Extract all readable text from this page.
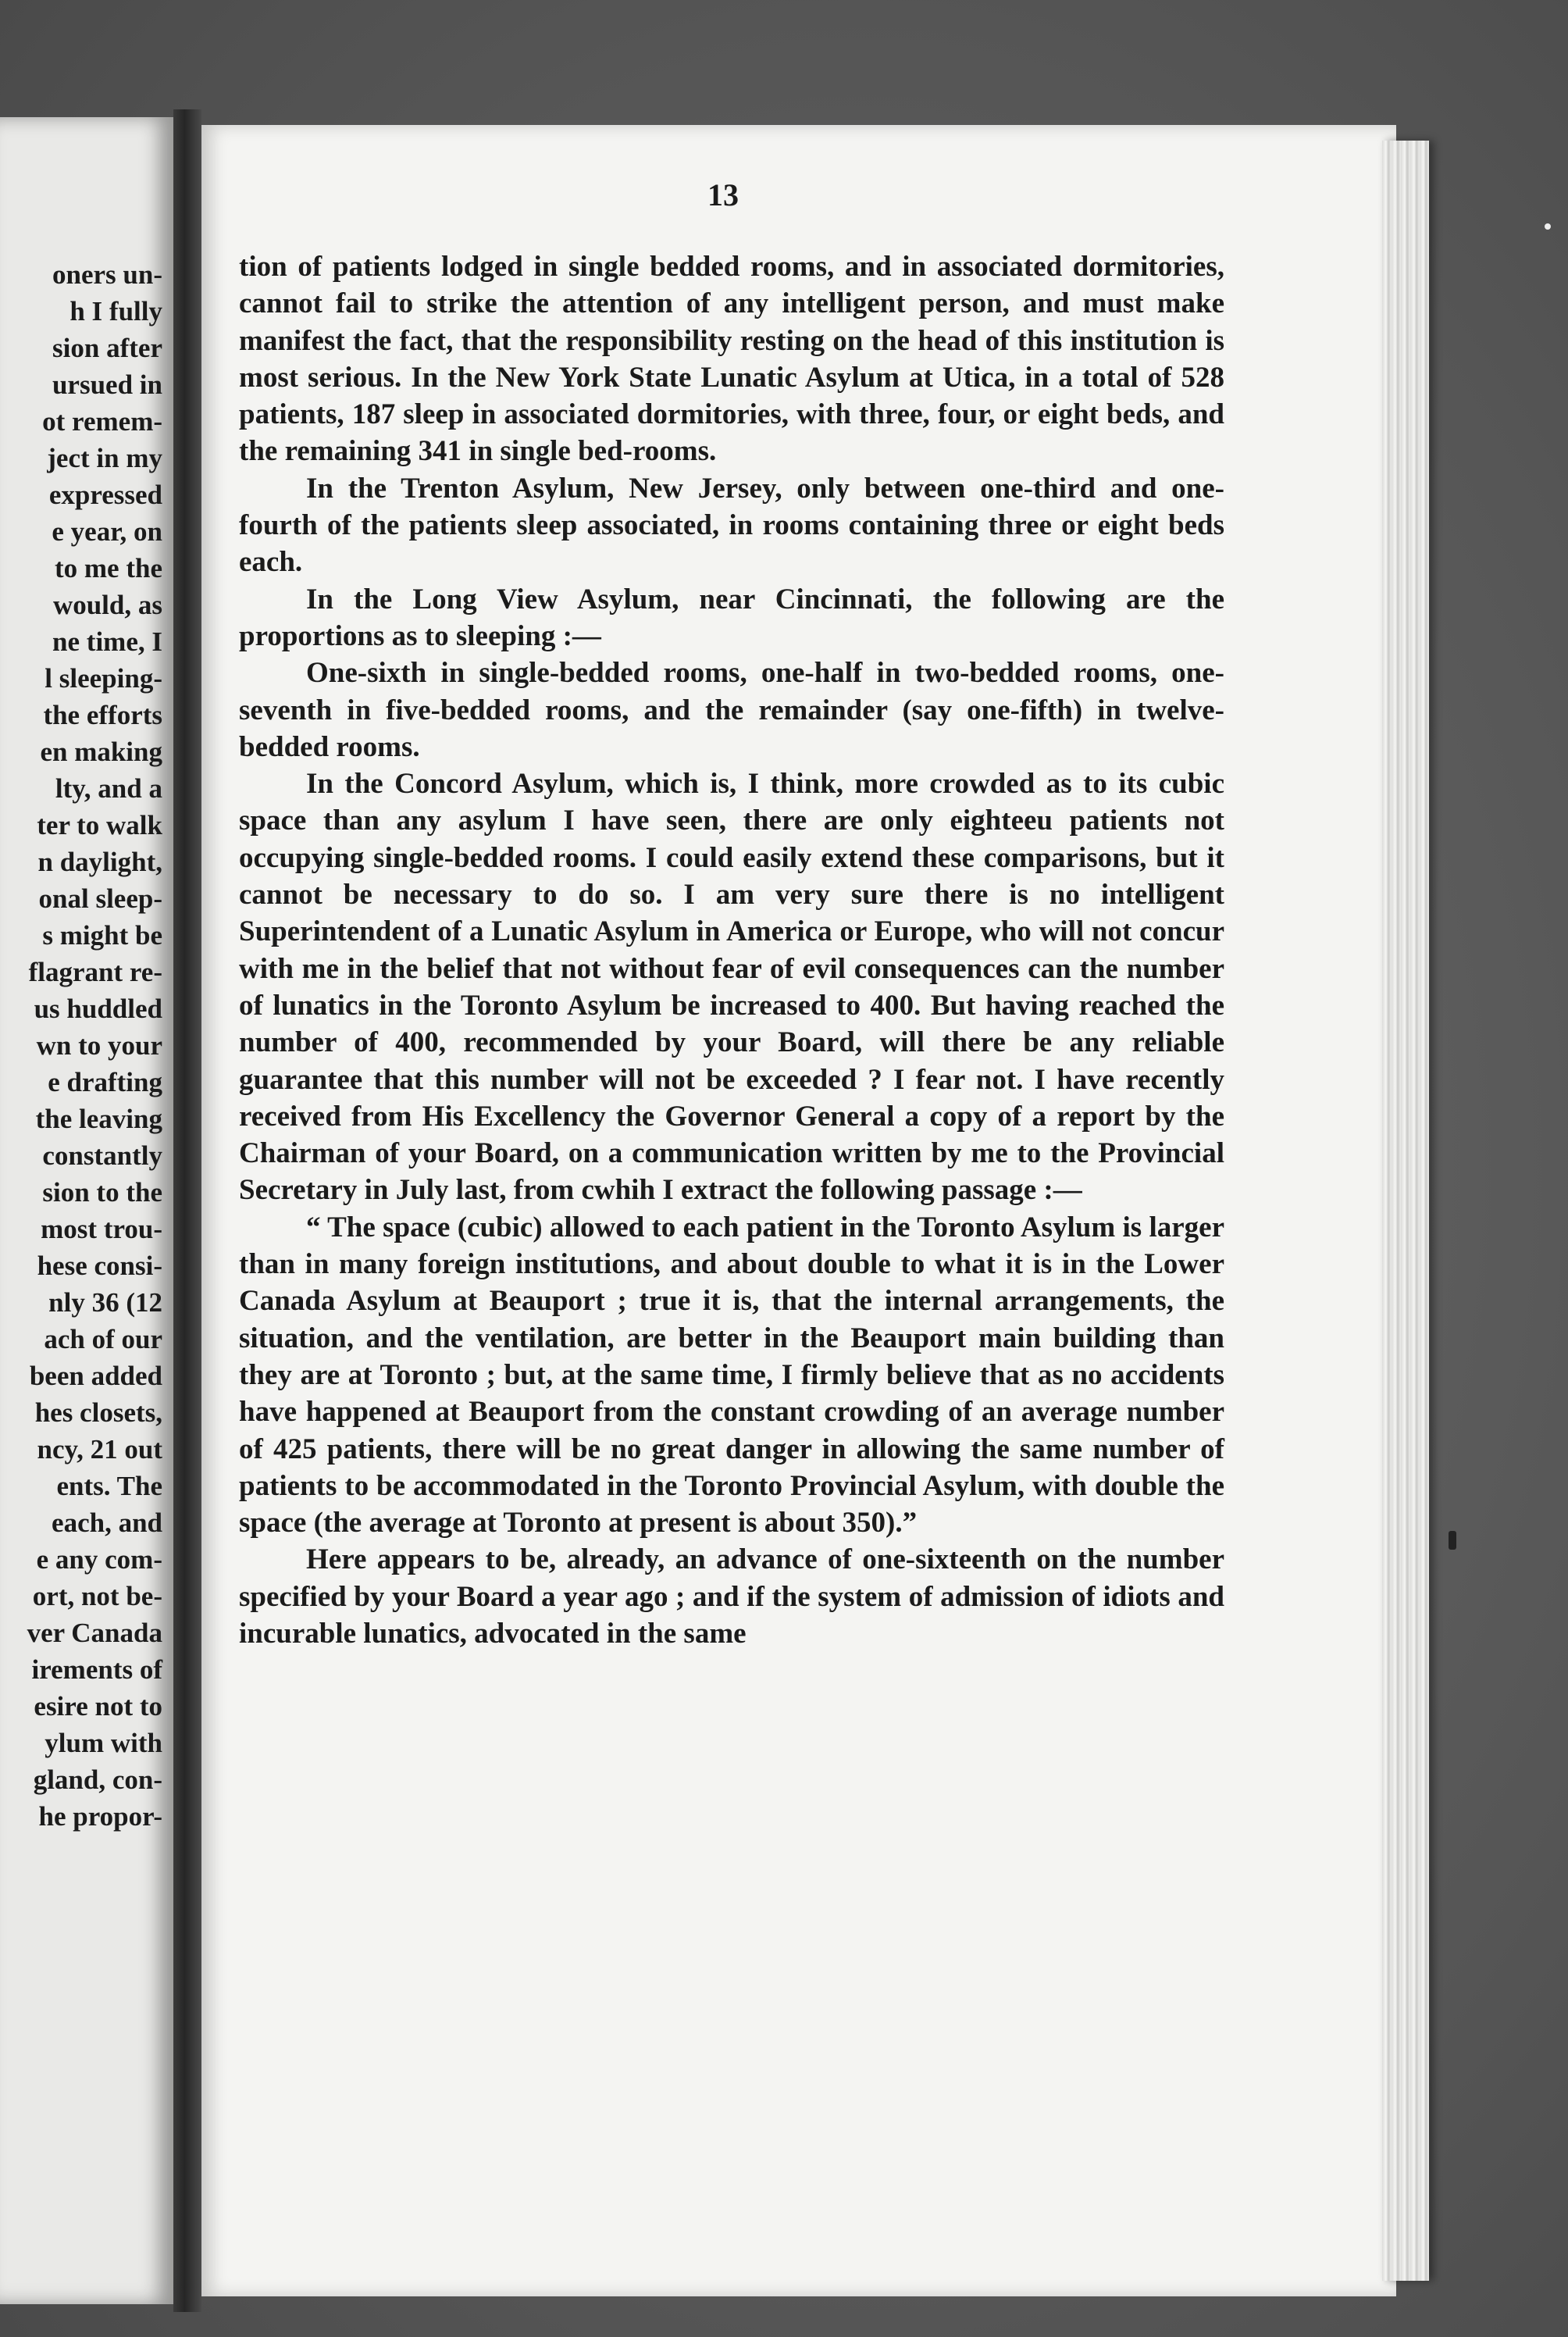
oners un-
h I fully
sion after
ursued in
ot remem-
ject in my
expressed
e year, on
to me the
would, as
ne time, I
l sleeping-
the efforts
en making
lty, and a
ter to walk
n daylight,
onal sleep-
s might be
flagrant re-
us huddled
wn to your
e drafting
the leaving
constantly
sion to the
most trou-
hese consi-
nly 36 (12
ach of our
been added
hes closets,
ncy, 21 out
ents. The
each, and
e any com-
ort, not be-
ver Canada
irements of
esire not to
ylum with
gland, con-
he propor-
13

tion of patients lodged in single bedded rooms, and in associated dormitories, cannot fail to strike the attention of any intelligent person, and must make manifest the fact, that the responsibility resting on the head of this institution is most serious. In the New York State Lunatic Asylum at Utica, in a total of 528 patients, 187 sleep in associated dormitories, with three, four, or eight beds, and the remaining 341 in single bed-rooms.

In the Trenton Asylum, New Jersey, only between one-third and one-fourth of the patients sleep associated, in rooms containing three or eight beds each.

In the Long View Asylum, near Cincinnati, the following are the proportions as to sleeping :—

One-sixth in single-bedded rooms, one-half in two-bedded rooms, one-seventh in five-bedded rooms, and the remainder (say one-fifth) in twelve-bedded rooms.

In the Concord Asylum, which is, I think, more crowded as to its cubic space than any asylum I have seen, there are only eighteeu patients not occupying single-bedded rooms. I could easily extend these comparisons, but it cannot be necessary to do so. I am very sure there is no intelligent Superintendent of a Lunatic Asylum in America or Europe, who will not concur with me in the belief that not without fear of evil consequences can the number of lunatics in the Toronto Asylum be increased to 400. But having reached the number of 400, recommended by your Board, will there be any reliable guarantee that this number will not be exceeded ? I fear not. I have recently received from His Excellency the Governor General a copy of a report by the Chairman of your Board, on a communication written by me to the Provincial Secretary in July last, from cwhih I extract the following passage :—

“ The space (cubic) allowed to each patient in the Toronto Asylum is larger than in many foreign institutions, and about double to what it is in the Lower Canada Asylum at Beauport ; true it is, that the internal arrangements, the situation, and the ventilation, are better in the Beauport main building than they are at Toronto ; but, at the same time, I firmly believe that as no accidents have happened at Beauport from the constant crowding of an average number of 425 patients, there will be no great danger in allowing the same number of patients to be accommodated in the Toronto Provincial Asylum, with double the space (the average at Toronto at present is about 350).”

Here appears to be, already, an advance of one-sixteenth on the number specified by your Board a year ago ; and if the system of admission of idiots and incurable lunatics, advocated in the same
